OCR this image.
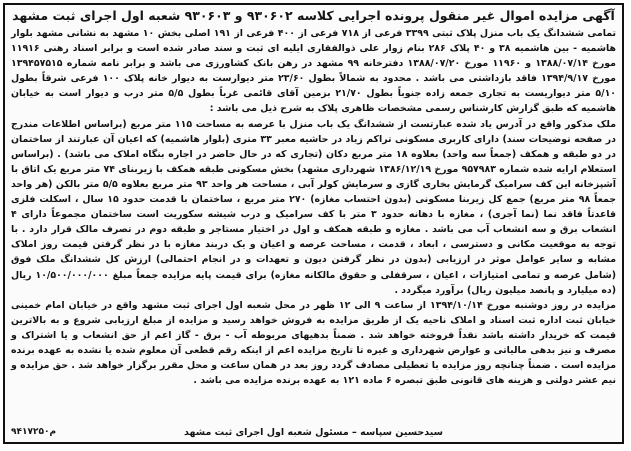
آگهی مزایده اموال غیر منقول پرونده اجرایی کلاسه ۹۳۰۶۰۲ و ۹۳۰۶۰۳ شعبه اول اجرای ثبت مشهد

تمامی ششدانگ یک باب منزل پلاک ثبتی ۳۳۹۹ فرعی از ۷۱۸ فرعی از ۴۰۰ فرعی از ۱۹۱ اصلی بخش ۱۰ مشهد به نشانی مشهد بلوار هاشمیه - بین هاشمیه ۳۸ و ۴۰ پلاک ۲۸۶ بنام زوار علی ذوالفقاری ایلیه ای ثبت و سند صادر شده است و برابر اسناد رهنی ۱۱۹۱۶ مورخ ۱۳۸۸/۰۷/۱۴ و ۱۱۹۶۰ مورخ ۱۳۸۸/۰۷/۲۰ دفترخانه ۹۹ مشهد در رهن بانک کشاورزی می باشد و برابر نامه شماره ۱۳۹۴۵۷۵۱۵ مورخ ۱۳۹۴/۹/۱۷ فاقد بازداشتی می باشد . محدود به شمالاً بطول ۲۳/۶۰ متر دیوارست به دیوار خانه پلاک ۱۰۰ فرعی شرقاً بطول ۵/۱۰ متر دیواریست به تجاری جمعه زاده جنوباً بطول ۲۱/۷۰ بزمین آقای قائمی غرباً بطول ۵/۵ متر درب و دیوار است به خیابان هاشمیه که طبق گزارش کارشناس رسمی مشخصات ظاهری پلاک به شرح ذیل می باشد :

ملک مذکور واقع در آدرس یاد شده عبارتست از ششدانگ یک باب منزل با عرصه به مساحت ۱۱۵ متر مربع (براساس اطلاعات مندرج در صفحه توضیحات سند) دارای کاربری مسکونی تراکم زیاد در حاشیه معبر ۳۳ متری (بلوار هاشمیه) که اعیان آن عبارتند از ساختمان در دو طبقه و همکف (جمعاً سه واحد) بعلاوه ۱۸ متر مربع دکان (تجاری که در حال حاضر در اجاره بنگاه املاک می باشد) . (براساس استعلام ارایه شده شماره ۹۵۷۹۸۳ مورخ ۱۳۸۶/۱۲/۱۹ شهرداری مشهد) بخش مسکونی طبقه همکف با زیربنای ۷۴ متر مربع یک اتاق با آشپزخانه این کف سرامیک گرمایش بخاری گازی و سرمایش کولر آبی ، مساحت هر واحد ۹۳ متر مربع بعلاوه ۵/۵ متر بالکن (هر واحد جمعاً ۹۸ متر مربع) جمع کل زیربنا مسکونی (بدون احتساب مغازه) ۲۷۰ متر مربع ، ساختمان با قدمت حدود ۱۵ سال ، اسکلت فلزی قاعدتاً فاقد نما (نما آجری) ، مغازه با دهانه حدود ۳ متر با کف سرامیک و درب شیشه سکوریت است ساختمان مجموعاً دارای ۴ انشعاب برق و سه انشعاب آب می باشد . مغازه و طبقه همکف و اول در اختیار مستاجر و طبقه دوم در تصرف مالک قرار دارد . با توجه به موقعیت مکانی و دسترسی ، ابعاد ، قدمت ، مساحت عرصه و اعیان و یک دربند مغازه با در نظر گرفتن قیمت روز املاک مشابه و سایر عوامل موثر در ارزیابی (بدون در نظر گرفتن دیون و تعهدات و در انجام احتمالی) ارزش کل ششدانگ ملک فوق (شامل عرصه و تمامی امتیازات ، اعیان ، سرقفلی و حقوق مالکانه مغازه) برای قیمت پایه مزایده جمعاً مبلغ ۱۰/۵۰۰/۰۰۰/۰۰۰ ریال (ده میلیارد و پانصد میلیون ریال) برآورد میگردد .

مزایده در روز دوشنبه مورخ ۱۳۹۴/۱۰/۱۴ از ساعت ۹ الی ۱۲ ظهر در محل شعبه اول اجرای ثبت مشهد واقع در خیابان امام خمینی خیابان ثبت اداره ثبت اسناد و املاک ناحیه یک از طریق مزایده به فروش خواهد رسید و مزایده از مبلغ ارزیابی شروع و به بالاترین قیمت که خریدار داشته باشد نقداً فروخته خواهد شد . ضمناً بدهیهای مربوطه آب - برق - گاز اعم از حق انشعاب و یا اشتراک و مصرف و نیز بدهی مالیاتی و عوارض شهرداری و غیره تا تاریخ مزایده اعم از اینکه رقم قطعی آن معلوم شده یا نشده به عهده برنده مزایده است . ضمناً چنانچه روز مزایده با تعطیلی مصادف گردد روز بعد در همان ساعت و محل مقرر برگزار خواهد شد . حق مزایده و نیم عشر دولتی و هزینه های قانونی طبق تبصره ۶ ماده ۱۲۱ به عهده برنده مزایده می باشد .

سیدحسین سپاسه – مسئول شعبه اول اجرای ثبت مشهد
م۹۴۱۷۲۵۰
